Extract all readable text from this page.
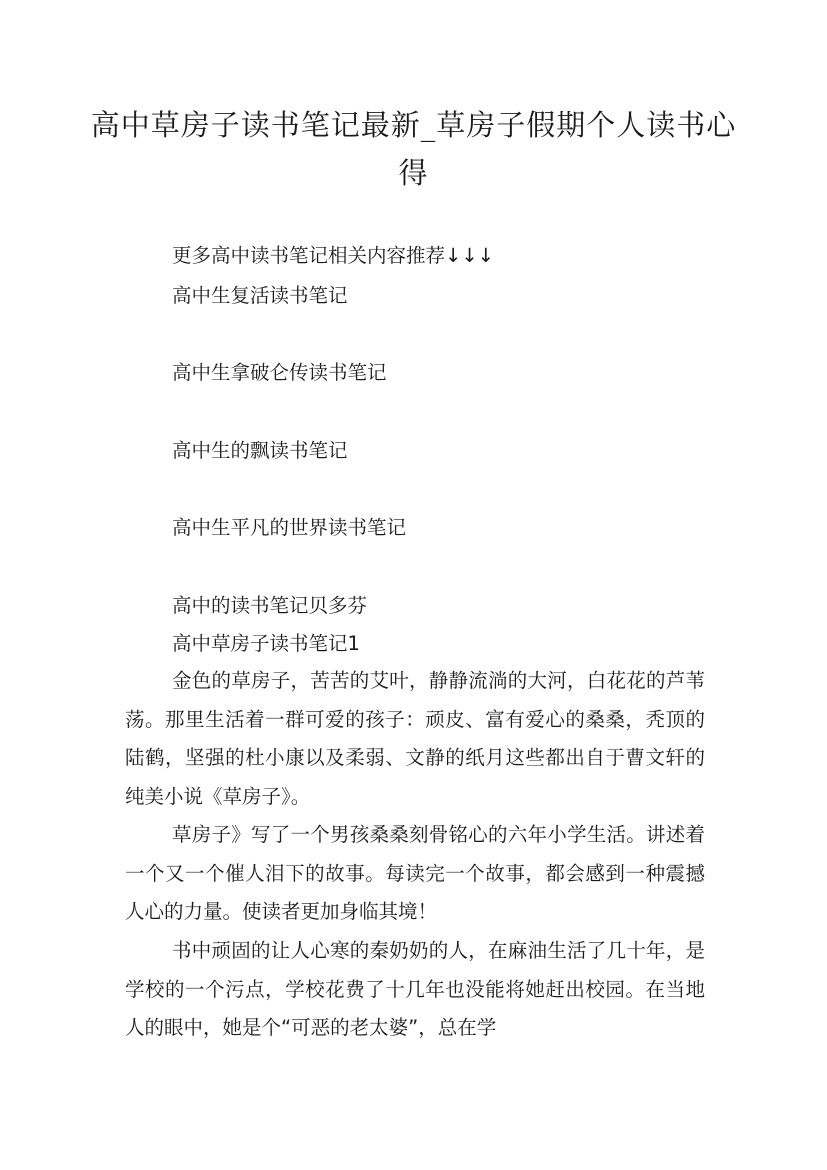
高中草房子读书笔记最新_草房子假期个人读书心得

更多高中读书笔记相关内容推荐↓↓↓

高中生复活读书笔记

高中生拿破仑传读书笔记

高中生的飘读书笔记

高中生平凡的世界读书笔记

高中的读书笔记贝多芬

高中草房子读书笔记1

金色的草房子，苦苦的艾叶，静静流淌的大河，白花花的芦苇荡。那里生活着一群可爱的孩子：顽皮、富有爱心的桑桑，秃顶的陆鹤，坚强的杜小康以及柔弱、文静的纸月这些都出自于曹文轩的纯美小说《草房子》。

草房子》写了一个男孩桑桑刻骨铭心的六年小学生活。讲述着一个又一个催人泪下的故事。每读完一个故事，都会感到一种震撼人心的力量。使读者更加身临其境！

书中顽固的让人心寒的秦奶奶的人，在麻油生活了几十年，是学校的一个污点，学校花费了十几年也没能将她赶出校园。在当地人的眼中，她是个“可恶的老太婆”，总在学
